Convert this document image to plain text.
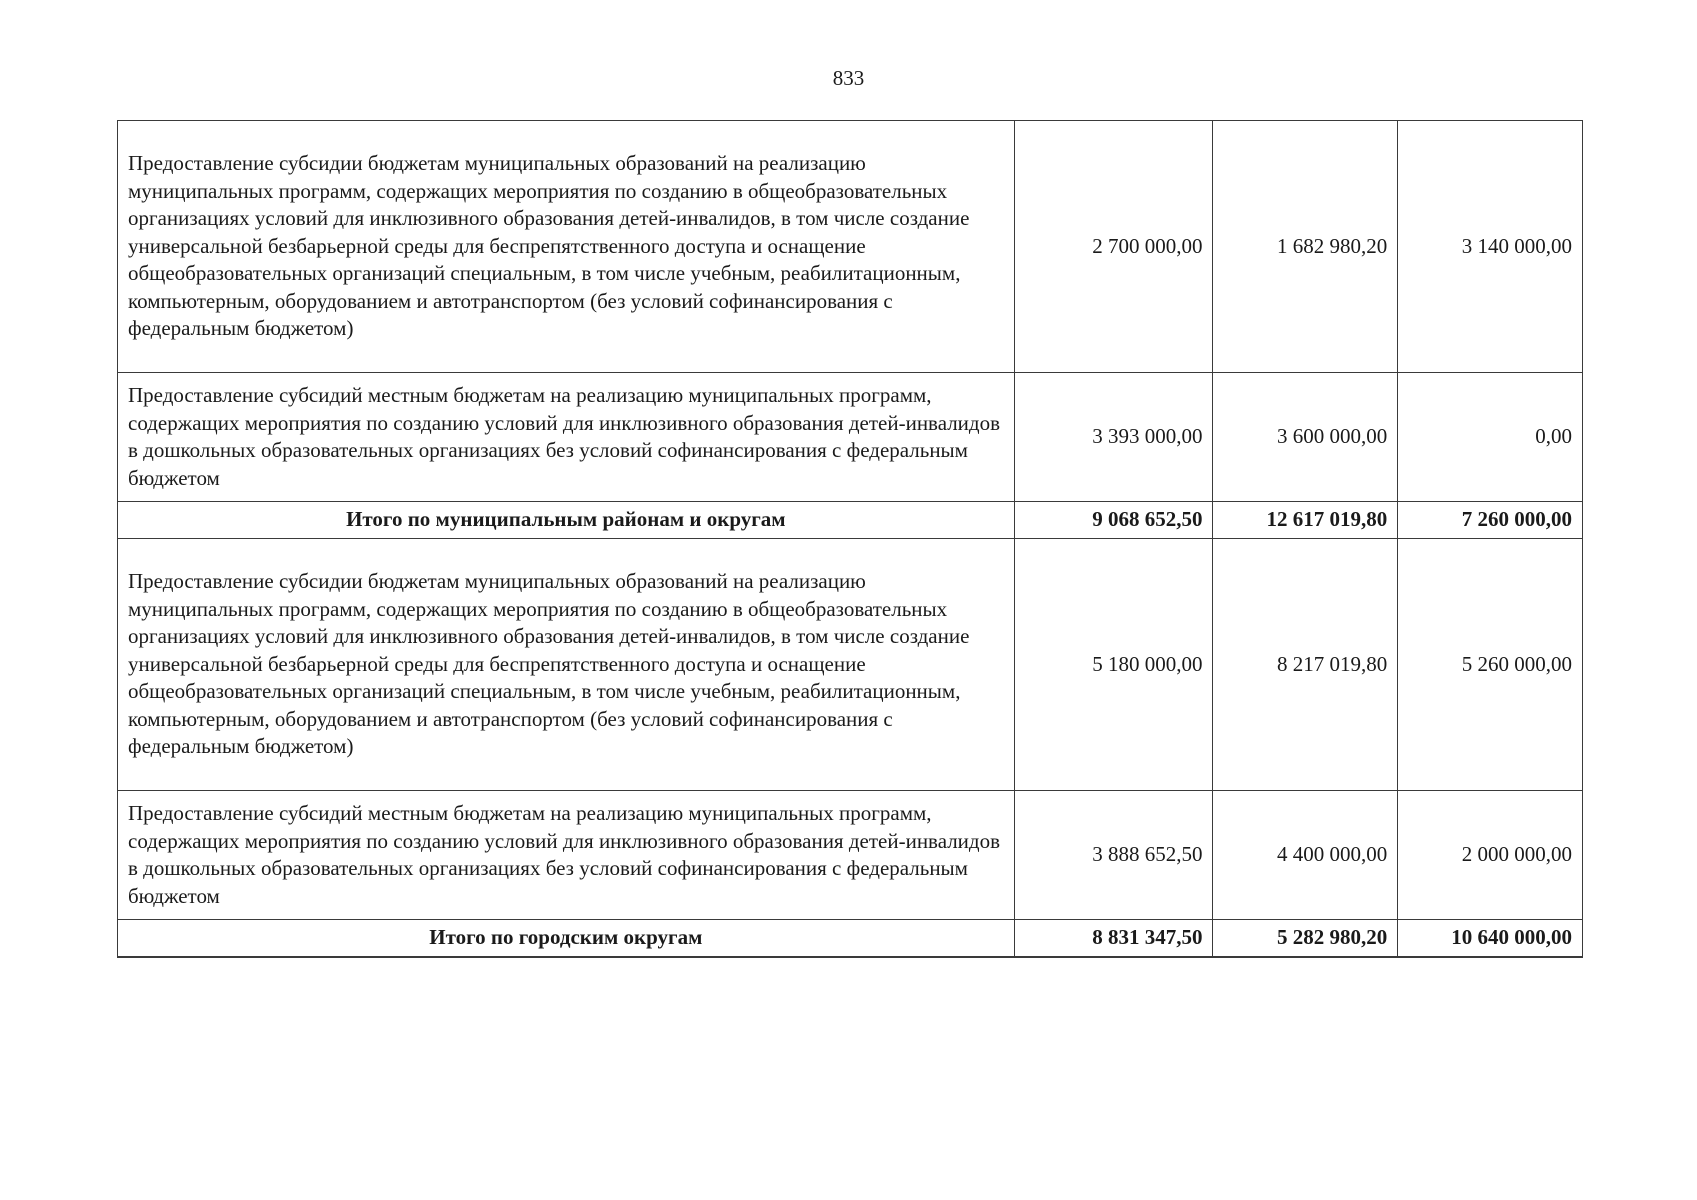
833
Предоставление субсидии бюджетам муниципальных образований на реализацию муниципальных программ, содержащих мероприятия по созданию в общеобразовательных организациях условий для инклюзивного образования детей-инвалидов, в том числе создание универсальной безбарьерной среды для беспрепятственного доступа и оснащение общеобразовательных организаций специальным, в том числе учебным, реабилитационным, компьютерным, оборудованием и автотранспортом (без условий софинансирования с федеральным бюджетом)	2 700 000,00	1 682 980,20	3 140 000,00
Предоставление субсидий местным бюджетам на реализацию муниципальных программ, содержащих мероприятия по созданию условий для инклюзивного образования детей-инвалидов в дошкольных образовательных организациях без условий софинансирования с федеральным бюджетом	3 393 000,00	3 600 000,00	0,00
Итого по муниципальным районам и округам	9 068 652,50	12 617 019,80	7 260 000,00
Предоставление субсидии бюджетам муниципальных образований на реализацию муниципальных программ, содержащих мероприятия по созданию в общеобразовательных организациях условий для инклюзивного образования детей-инвалидов, в том числе создание универсальной безбарьерной среды для беспрепятственного доступа и оснащение общеобразовательных организаций специальным, в том числе учебным, реабилитационным, компьютерным, оборудованием и автотранспортом (без условий софинансирования с федеральным бюджетом)	5 180 000,00	8 217 019,80	5 260 000,00
Предоставление субсидий местным бюджетам на реализацию муниципальных программ, содержащих мероприятия по созданию условий для инклюзивного образования детей-инвалидов в дошкольных образовательных организациях без условий софинансирования с федеральным бюджетом	3 888 652,50	4 400 000,00	2 000 000,00
Итого по городским округам	8 831 347,50	5 282 980,20	10 640 000,00
